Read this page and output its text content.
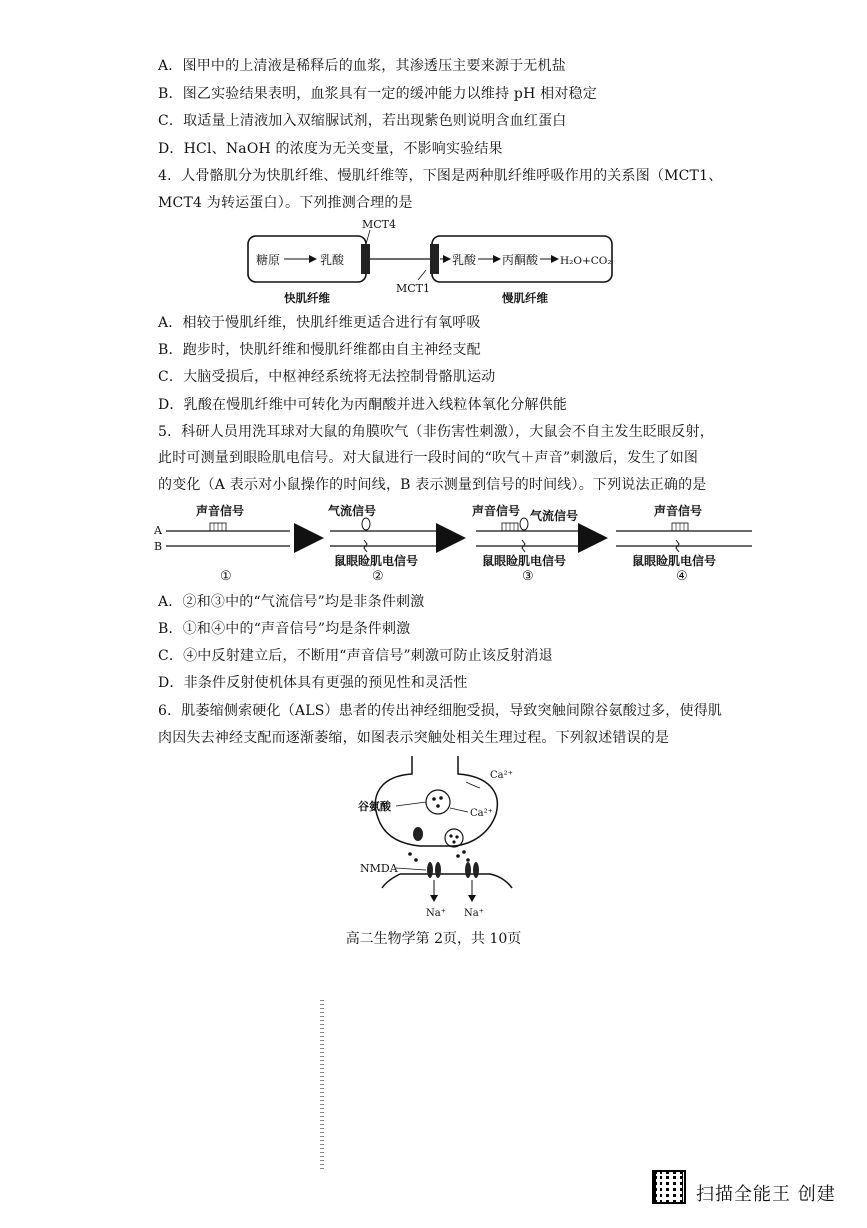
A．图甲中的上清液是稀释后的血浆，其渗透压主要来源于无机盐
B．图乙实验结果表明，血浆具有一定的缓冲能力以维持 pH 相对稳定
C．取适量上清液加入双缩脲试剂，若出现紫色则说明含血红蛋白
D．HCl、NaOH 的浓度为无关变量，不影响实验结果
4．人骨骼肌分为快肌纤维、慢肌纤维等，下图是两种肌纤维呼吸作用的关系图（MCT1、
MCT4 为转运蛋白）。下列推测合理的是
MCT4
MCT1
糖原	乳酸	乳酸 丙酮酸 H₂O+CO₂
快肌纤维	慢肌纤维
A．相较于慢肌纤维，快肌纤维更适合进行有氧呼吸
B．跑步时，快肌纤维和慢肌纤维都由自主神经支配
C．大脑受损后，中枢神经系统将无法控制骨骼肌运动
D．乳酸在慢肌纤维中可转化为丙酮酸并进入线粒体氧化分解供能
5．科研人员用洗耳球对大鼠的角膜吹气（非伤害性刺激），大鼠会不自主发生眨眼反射，
此时可测量到眼睑肌电信号。对大鼠进行一段时间的“吹气＋声音”刺激后，发生了如图
的变化（A 表示对小鼠操作的时间线，B 表示测量到信号的时间线）。下列说法正确的是
A
B
声音信号
①
气流信号
鼠眼睑肌电信号
②
声音信号 气流信号
鼠眼睑肌电信号
③
声音信号
鼠眼睑肌电信号
④
A．②和③中的“气流信号”均是非条件刺激
B．①和④中的“声音信号”均是条件刺激
C．④中反射建立后，不断用“声音信号”刺激可防止该反射消退
D．非条件反射使机体具有更强的预见性和灵活性
6．肌萎缩侧索硬化（ALS）患者的传出神经细胞受损，导致突触间隙谷氨酸过多，使得肌
肉因失去神经支配而逐渐萎缩，如图表示突触处相关生理过程。下列叙述错误的是
Ca²⁺
Ca²⁺
谷氨酸
NMDA
Na⁺ Na⁺
高二生物学第 2页，共 10页
扫描全能王 创建
